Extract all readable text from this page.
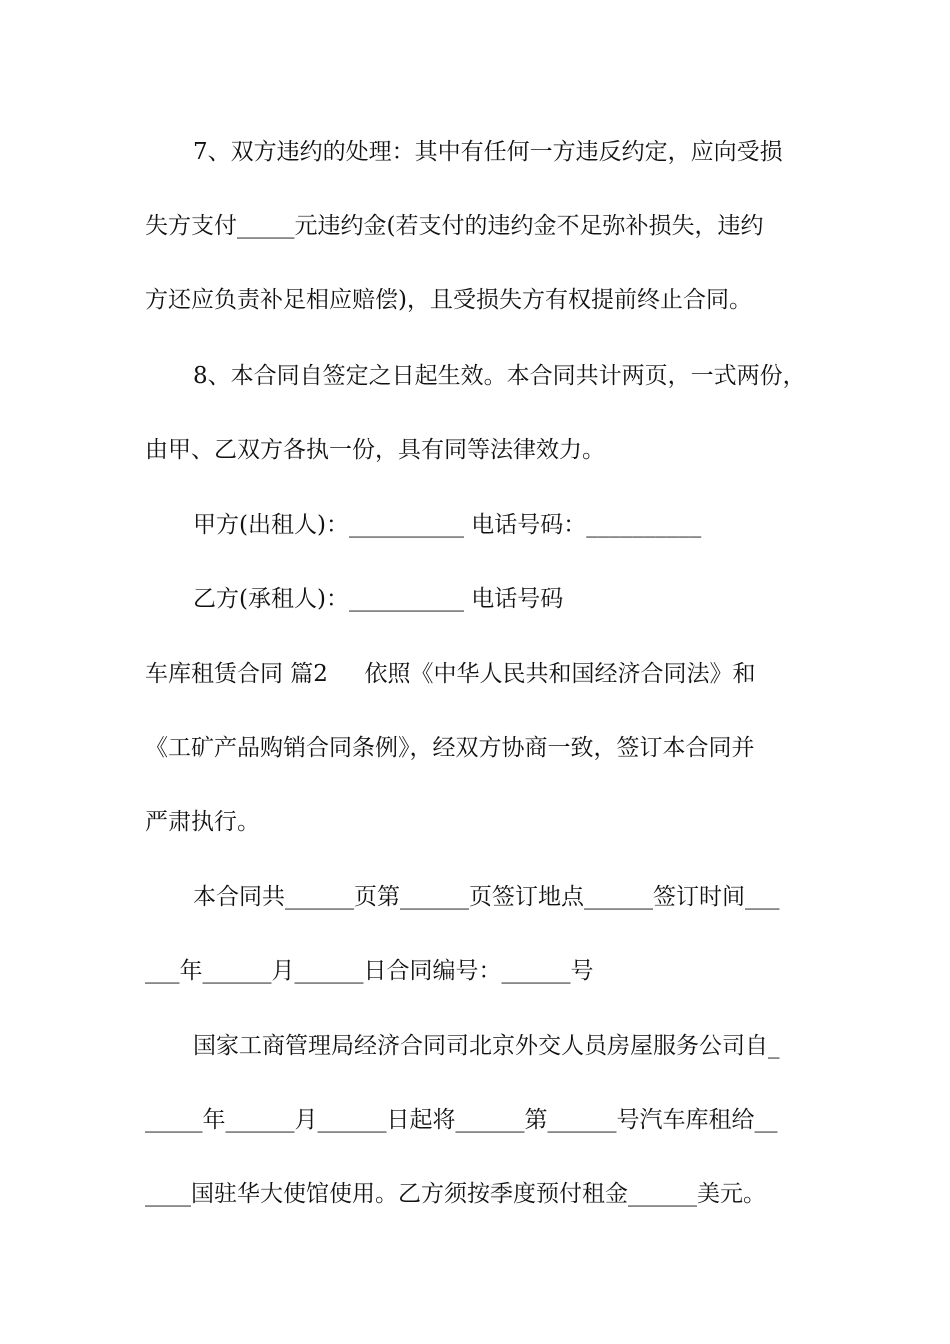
7、双方违约的处理：其中有任何一方违反约定，应向受损
失方支付_____元违约金(若支付的违约金不足弥补损失，违约
方还应负责补足相应赔偿)，且受损失方有权提前终止合同。
8、本合同自签定之日起生效。本合同共计两页，一式两份，
由甲、乙双方各执一份，具有同等法律效力。
甲方(出租人)：__________ 电话号码：__________
乙方(承租人)：__________ 电话号码
车库租赁合同 篇2     依照《中华人民共和国经济合同法》和
《工矿产品购销合同条例》，经双方协商一致，签订本合同并
严肃执行。
本合同共______页第______页签订地点______签订时间___
___年______月______日合同编号：______号
国家工商管理局经济合同司北京外交人员房屋服务公司自_
_____年______月______日起将______第______号汽车库租给__
____国驻华大使馆使用。乙方须按季度预付租金______美元。
